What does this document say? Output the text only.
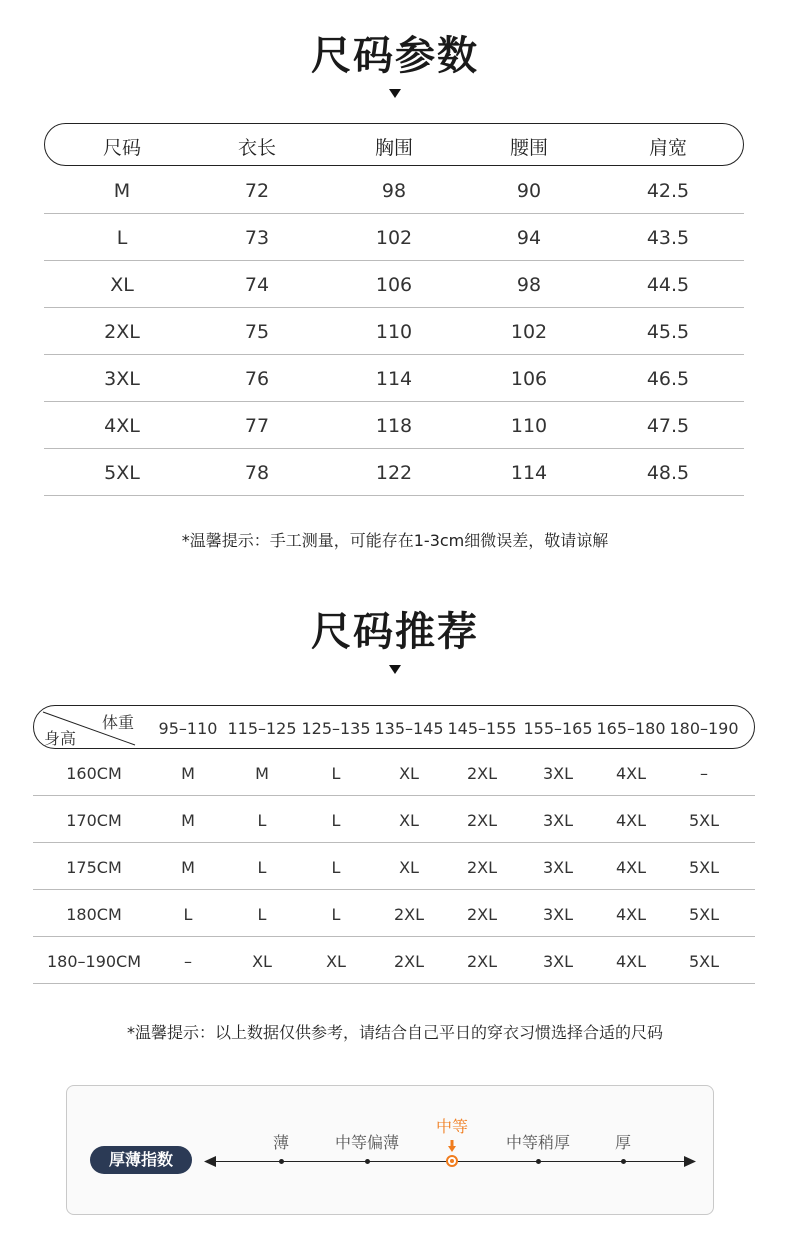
尺码参数
尺码	衣长	胸围	腰围	肩宽
M	72	98	90	42.5
L	73	102	94	43.5
XL	74	106	98	44.5
2XL	75	110	102	45.5
3XL	76	114	106	46.5
4XL	77	118	110	47.5
5XL	78	122	114	48.5
*温馨提示：手工测量，可能存在1-3cm细微误差，敬请谅解
尺码推荐
体重
身高
95–110 115–125 125–135 135–145 145–155 155–165 165–180 180–190
160CM	M	M	L	XL	2XL	3XL	4XL	–
170CM	M	L	L	XL	2XL	3XL	4XL	5XL
175CM	M	L	L	XL	2XL	3XL	4XL	5XL
180CM	L	L	L	2XL	2XL	3XL	4XL	5XL
180–190CM	–	XL	XL	2XL	2XL	3XL	4XL	5XL
*温馨提示：以上数据仅供参考，请结合自己平日的穿衣习惯选择合适的尺码
厚薄指数
薄	中等偏薄
中等
中等稍厚	厚
